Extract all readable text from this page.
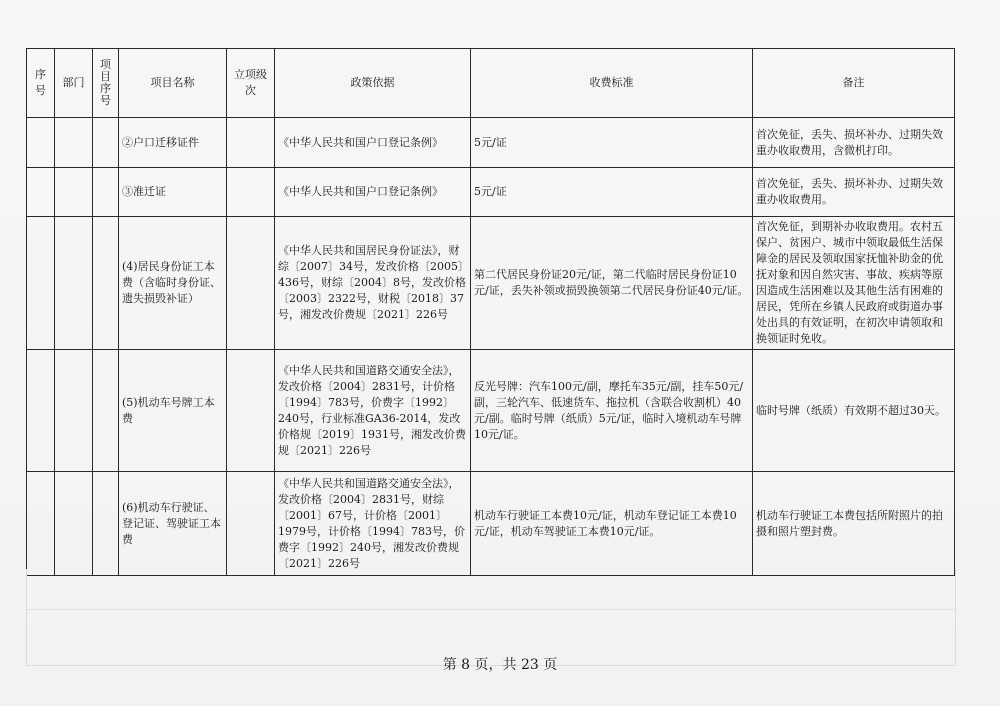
序号	部门	项目序号	项目名称	立项级次	政策依据	收费标准	备注
			②户口迁移证件		《中华人民共和国户口登记条例》	5元/证	首次免征，丢失、损坏补办、过期失效重办收取费用，含微机打印。
			③准迁证		《中华人民共和国户口登记条例》	5元/证	首次免征，丢失、损坏补办、过期失效重办收取费用。
			(4)居民身份证工本费（含临时身份证、遗失损毁补证）		《中华人民共和国居民身份证法》，财综〔2007〕34号，发改价格〔2005〕436号，财综〔2004〕8号，发改价格〔2003〕2322号，财税〔2018〕37号，湘发改价费规〔2021〕226号	第二代居民身份证20元/证，第二代临时居民身份证10元/证，丢失补领或损毁换领第二代居民身份证40元/证。	首次免征，到期补办收取费用。农村五保户、贫困户、城市中领取最低生活保障金的居民及领取国家抚恤补助金的优抚对象和因自然灾害、事故、疾病等原因造成生活困难以及其他生活有困难的居民，凭所在乡镇人民政府或街道办事处出具的有效证明，在初次申请领取和换领证时免收。
			(5)机动车号牌工本费		《中华人民共和国道路交通安全法》，发改价格〔2004〕2831号，计价格〔1994〕783号，价费字〔1992〕240号，行业标准GA36-2014，发改价格规〔2019〕1931号，湘发改价费规〔2021〕226号	反光号牌：汽车100元/副，摩托车35元/副，挂车50元/副，三轮汽车、低速货车、拖拉机（含联合收割机）40元/副。临时号牌（纸质）5元/证，临时入境机动车号牌10元/证。	临时号牌（纸质）有效期不超过30天。
			(6)机动车行驶证、登记证、驾驶证工本费		《中华人民共和国道路交通安全法》，发改价格〔2004〕2831号，财综〔2001〕67号，计价格〔2001〕1979号，计价格〔1994〕783号，价费字〔1992〕240号，湘发改价费规〔2021〕226号	机动车行驶证工本费10元/证，机动车登记证工本费10元/证，机动车驾驶证工本费10元/证。	机动车行驶证工本费包括所附照片的拍摄和照片塑封费。
第 8 页，共 23 页
